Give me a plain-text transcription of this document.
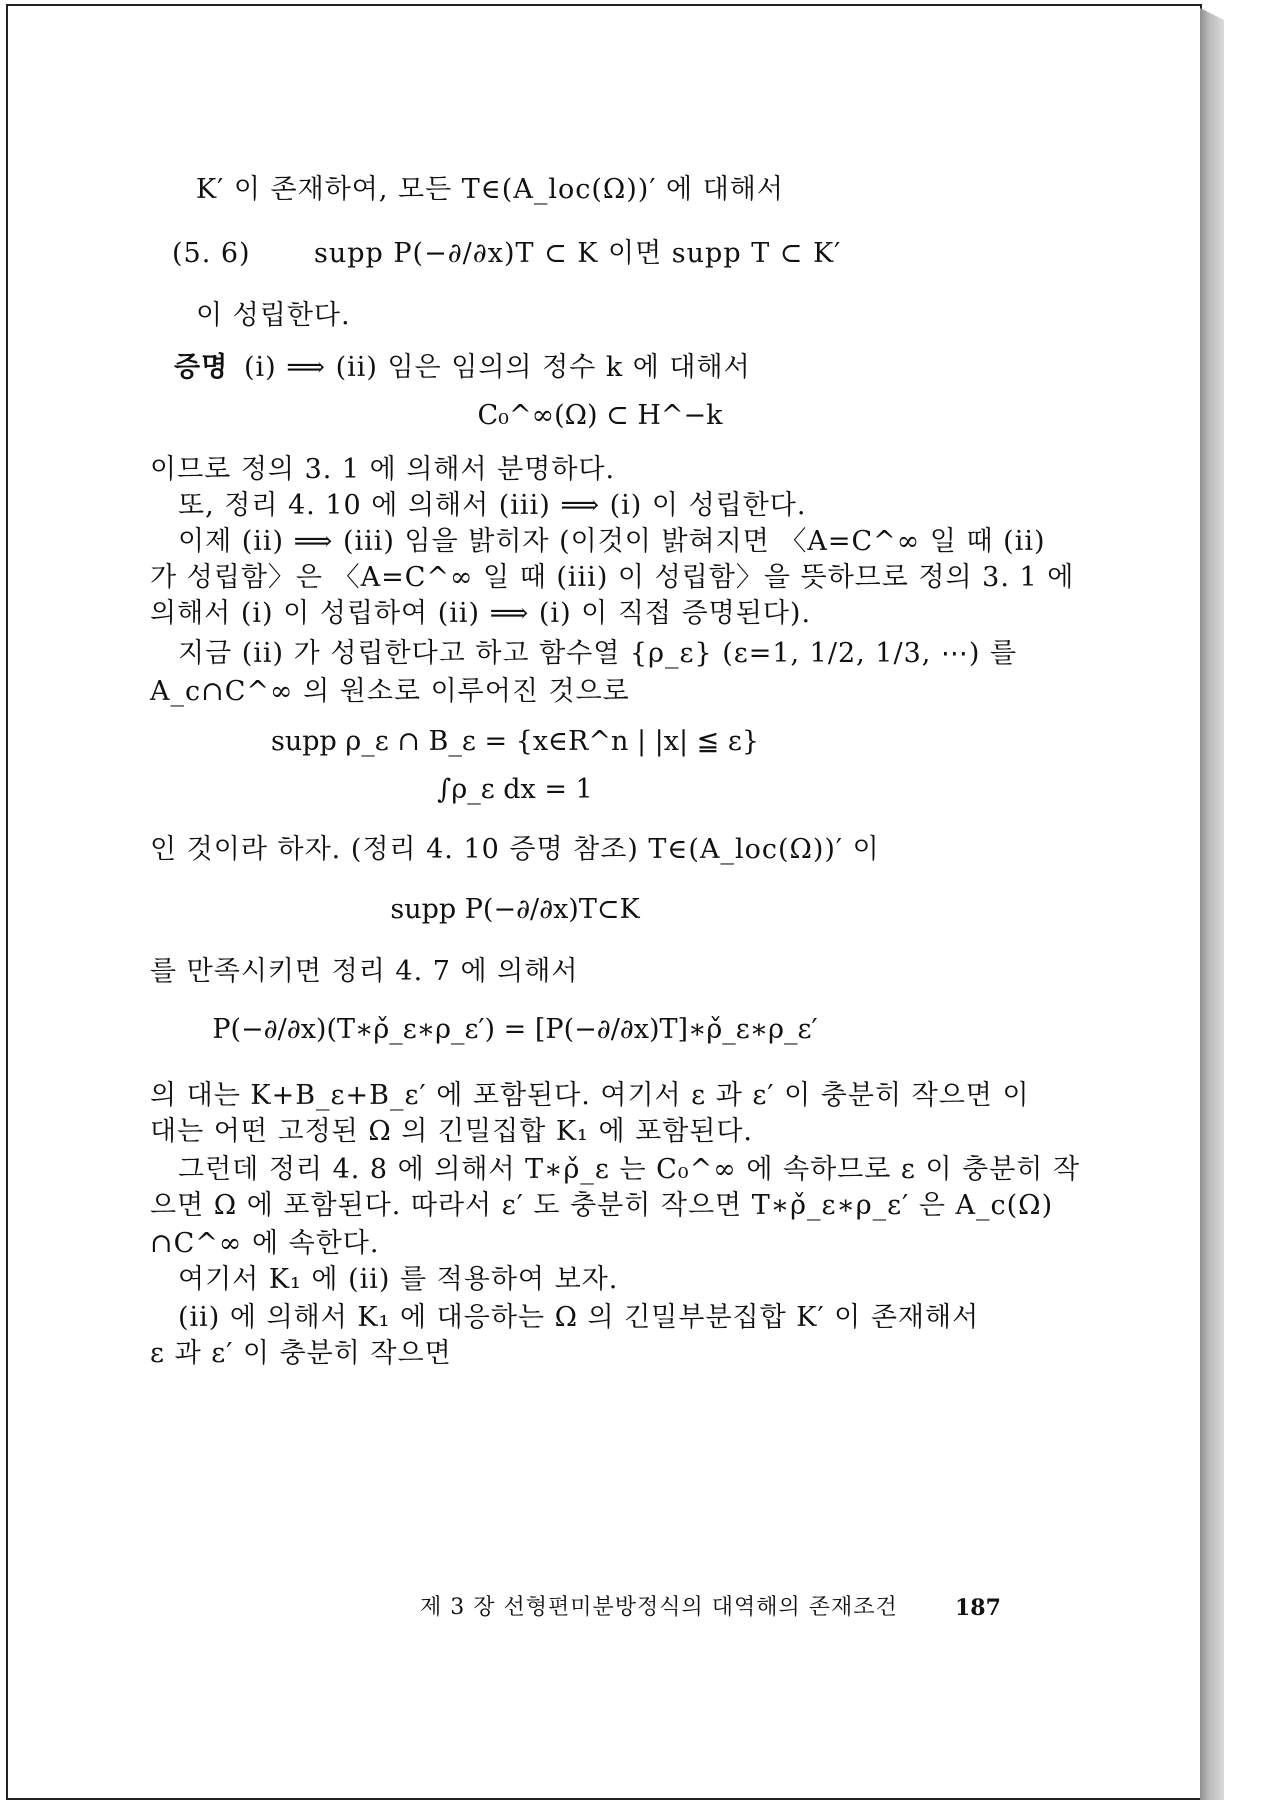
K′ 이 존재하여, 모든 T∈(A_loc(Ω))′ 에 대해서
(5. 6) supp P(−∂/∂x)T ⊂ K 이면 supp T ⊂ K′
이 성립한다.
증명 (i) ⟹ (ii) 임은 임의의 정수 k 에 대해서
C₀^∞(Ω) ⊂ H^−k
이므로 정의 3. 1 에 의해서 분명하다.
또, 정리 4. 10 에 의해서 (iii) ⟹ (i) 이 성립한다.
이제 (ii) ⟹ (iii) 임을 밝히자 (이것이 밝혀지면 〈A=C^∞ 일 때 (ii)
가 성립함〉은 〈A=C^∞ 일 때 (iii) 이 성립함〉을 뜻하므로 정의 3. 1 에
의해서 (i) 이 성립하여 (ii) ⟹ (i) 이 직접 증명된다).
지금 (ii) 가 성립한다고 하고 함수열 {ρ_ε} (ε=1, 1/2, 1/3, ⋯) 를
A_c∩C^∞ 의 원소로 이루어진 것으로
supp ρ_ε ∩ B_ε = {x∈R^n | |x| ≦ ε}
∫ρ_ε dx = 1
인 것이라 하자. (정리 4. 10 증명 참조) T∈(A_loc(Ω))′ 이
supp P(−∂/∂x)T⊂K
를 만족시키면 정리 4. 7 에 의해서
P(−∂/∂x)(T∗ρ̌_ε∗ρ_ε′) = [P(−∂/∂x)T]∗ρ̌_ε∗ρ_ε′
의 대는 K+B_ε+B_ε′ 에 포함된다. 여기서 ε 과 ε′ 이 충분히 작으면 이
대는 어떤 고정된 Ω 의 긴밀집합 K₁ 에 포함된다.
그런데 정리 4. 8 에 의해서 T∗ρ̌_ε 는 C₀^∞ 에 속하므로 ε 이 충분히 작
으면 Ω 에 포함된다. 따라서 ε′ 도 충분히 작으면 T∗ρ̌_ε∗ρ_ε′ 은 A_c(Ω)
∩C^∞ 에 속한다.
여기서 K₁ 에 (ii) 를 적용하여 보자.
(ii) 에 의해서 K₁ 에 대응하는 Ω 의 긴밀부분집합 K′ 이 존재해서
ε 과 ε′ 이 충분히 작으면
제 3 장 선형편미분방정식의 대역해의 존재조건	187
